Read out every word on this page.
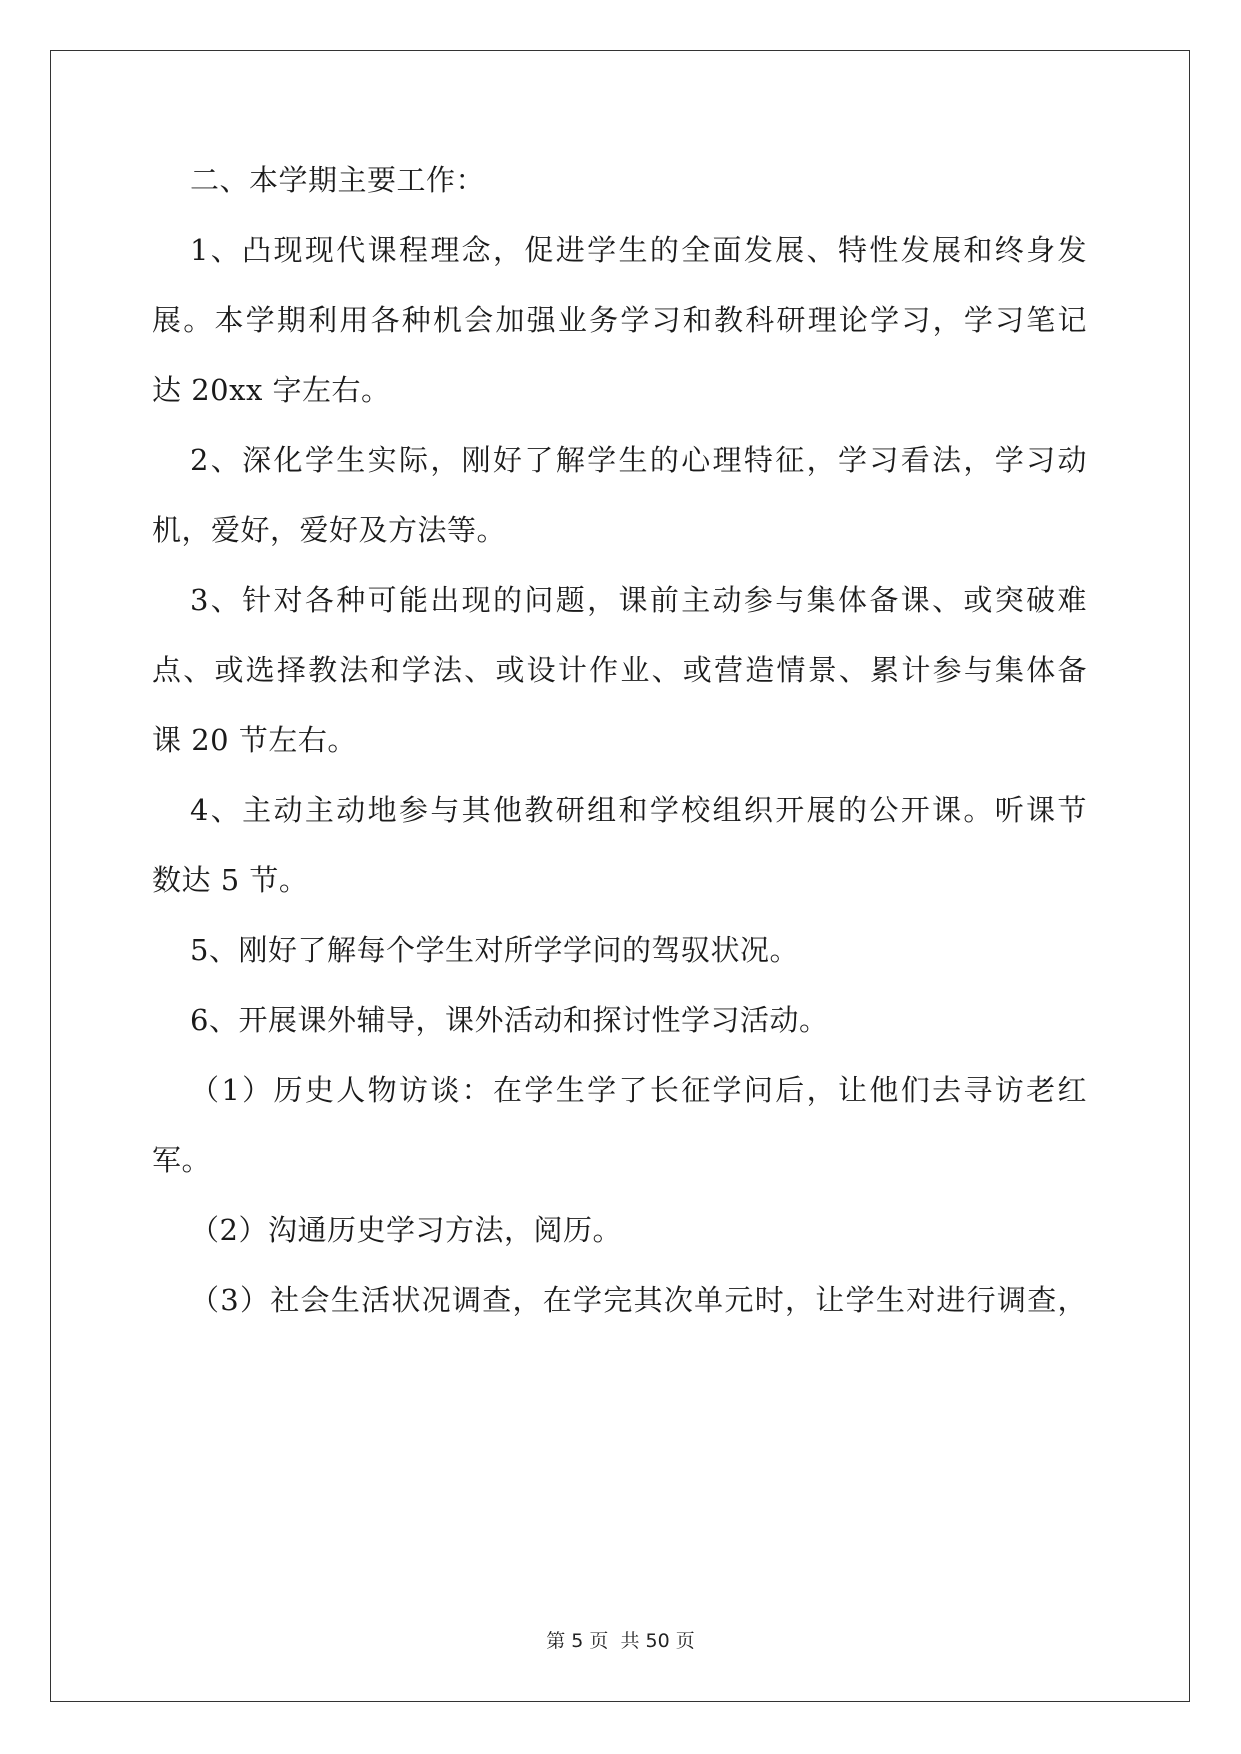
二、本学期主要工作：
1、凸现现代课程理念，促进学生的全面发展、特性发展和终身发
展。本学期利用各种机会加强业务学习和教科研理论学习，学习笔记
达 20xx 字左右。
2、深化学生实际，刚好了解学生的心理特征，学习看法，学习动
机，爱好，爱好及方法等。
3、针对各种可能出现的问题，课前主动参与集体备课、或突破难
点、或选择教法和学法、或设计作业、或营造情景、累计参与集体备
课 20 节左右。
4、主动主动地参与其他教研组和学校组织开展的公开课。听课节
数达 5 节。
5、刚好了解每个学生对所学学问的驾驭状况。
6、开展课外辅导，课外活动和探讨性学习活动。
（1）历史人物访谈：在学生学了长征学问后，让他们去寻访老红
军。
（2）沟通历史学习方法，阅历。
（3）社会生活状况调查，在学完其次单元时，让学生对进行调查，
第 5 页 共 50 页
